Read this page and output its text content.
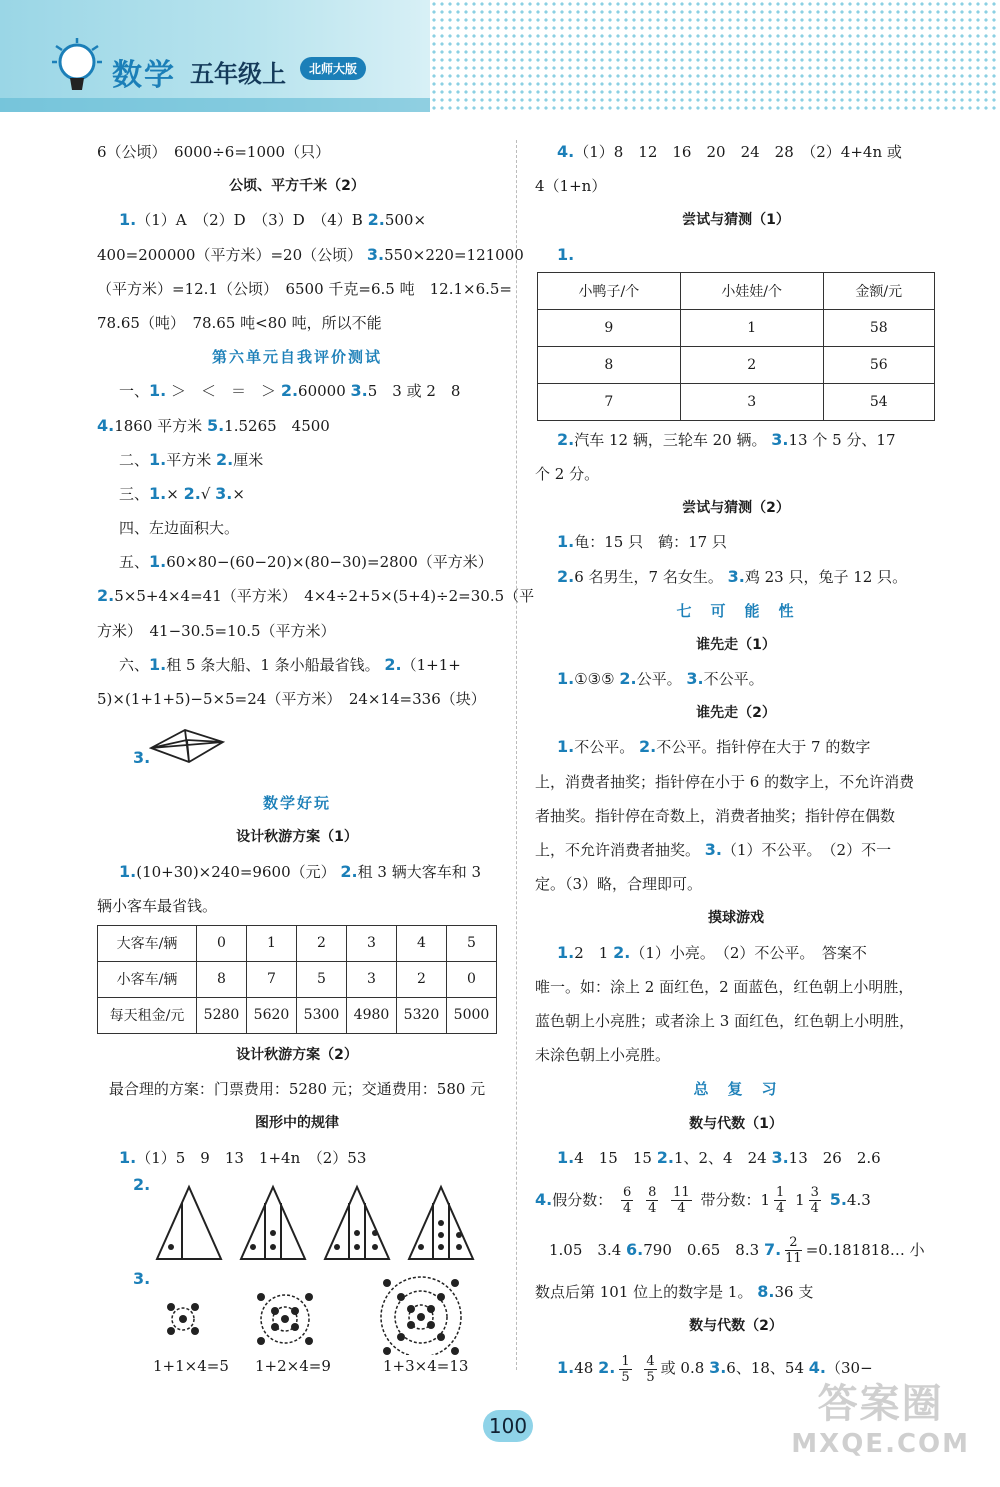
数学 五年级上	北师大版
6（公顷）　6000÷6=1000（只）
公顷、平方千米（2）
1.（1）A　（2）D　（3）D　（4）B 2.500×
400=200000（平方米）=20（公顷） 3.550×220=121000
（平方米）=12.1（公顷）　6500 千克=6.5 吨　12.1×6.5=
78.65（吨）　78.65 吨<80 吨，所以不能
第六单元自我评价测试
一、1. ＞　＜　＝　＞ 2.60000 3.5　3 或 2　8
4.1860 平方米 5.1.5265　4500
二、1.平方米 2.厘米
三、1.× 2.√ 3.×
四、左边面积大。
五、1.60×80−(60−20)×(80−30)=2800（平方米）
2.5×5+4×4=41（平方米）　4×4÷2+5×(5+4)÷2=30.5（平
方米）　41−30.5=10.5（平方米）
六、1.租 5 条大船、1 条小船最省钱。 2.（1+1+
5)×(1+1+5)−5×5=24（平方米）　24×14=336（块）
3.
数学好玩
设计秋游方案（1）
1.(10+30)×240=9600（元） 2.租 3 辆大客车和 3
辆小客车最省钱。
大客车/辆	0	1	2	3	4	5
小客车/辆	8	7	5	3	2	0
每天租金/元	5280	5620	5300	4980	5320	5000
设计秋游方案（2）
最合理的方案：门票费用：5280 元；交通费用：580 元
图形中的规律
1.（1）5　9　13　1+4n　（2）53
2.
3.
1+1×4=5 1+2×4=9	1+3×4=13
4.（1）8　12　16　20　24　28　（2）4+4n 或
4（1+n）
尝试与猜测（1）
1.
小鸭子/个	小娃娃/个	金额/元
9	1	58
8	2	56
7	3	54
2.汽车 12 辆，三轮车 20 辆。 3.13 个 5 分、17
个 2 分。
尝试与猜测（2）
1.龟：15 只　鹤：17 只
2.6 名男生，7 名女生。 3.鸡 23 只，兔子 12 只。
七　可　能　性
谁先走（1）
1.①③⑤ 2.公平。 3.不公平。
谁先走（2）
1.不公平。 2.不公平。指针停在大于 7 的数字
上，消费者抽奖；指针停在小于 6 的数字上，不允许消费
者抽奖。指针停在奇数上，消费者抽奖；指针停在偶数
上，不允许消费者抽奖。 3.（1）不公平。　（2）不一
定。（3）略，合理即可。
摸球游戏
1.2　1 2.（1）小亮。　（2）不公平。　答案不
唯一。如：涂上 2 面红色，2 面蓝色，红色朝上小明胜，
蓝色朝上小亮胜；或者涂上 3 面红色，红色朝上小明胜，
未涂色朝上小亮胜。
总　复　习
数与代数（1）
1.4　15　15 2.1、2、4　24 3.13　26　2.6
4.假分数： $\frac{6}{4}$
$\frac{8}{4}$
$\frac{11}{4}$ 带分数：$1 \frac{1}{4} 1 \frac{3}{4} 5.4.3$
1.05　3.4 6.790　0.65　8.3 7. $\frac{2}{11}$ =0.181818… 小
数点后第 101 位上的数字是 1。 8.36 支
数与代数（2）
1.48 2. $\frac{1}{5}$
$\frac{4}{5}$ 或 0.8 3.6、18、54 4.（30−
100	答案圈
MXQE.COM
